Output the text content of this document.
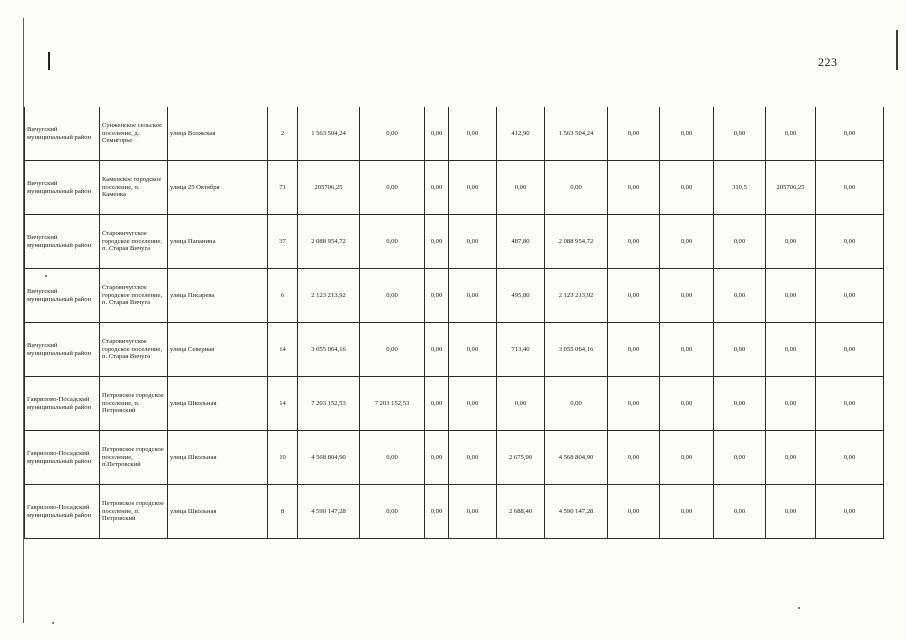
223
Вичугский муниципальный район	Сунженское сельское поселение, д. Семигорье	улица Волжская	2	1 563 504,24	0,00	0,00	0,00	412,90	1 563 504,24	0,00	0,00	0,00	0,00	0,00
Вичугский муниципальный район	Каменское городское поселение, п. Каменка	улица 25 Октября	71	205706,25	0,00	0,00	0,00	0,00	0,00	0,00	0,00	310,5	205706,25	0,00
Вичугский муниципальный район	Старовичугское городское поселение, п. Старая Вичуга	улица Папанина	37	2 088 954,72	0,00	0,00	0,00	487,80	2 088 954,72	0,00	0,00	0,00	0,00	0,00
Вичугский муниципальный район	Старовичугское городское поселение, п. Старая Вичуга	улица Писарева	6	2 123 213,92	0,00	0,00	0,00	495,80	2 123 213,92	0,00	0,00	0,00	0,00	0,00
Вичугский муниципальный район	Старовичугское городское поселение, п. Старая Вичуга	улица Северная	14	3 055 064,16	0,00	0,00	0,00	713,40	3 055 064,16	0,00	0,00	0,00	0,00	0,00
Гаврилово-Посадский муниципальный район	Петровское городское поселение, п. Петровский	улица Школьная	14	7 203 152,53	7 203 152,53	0,00	0,00	0,00	0,00	0,00	0,00	0,00	0,00	0,00
Гаврилово-Посадский муниципальный район	Петровское городское поселение, п.Петровский	улица Школьная	10	4 568 804,90	0,00	0,00	0,00	2 675,90	4 568 804,90	0,00	0,00	0,00	0,00	0,00
Гаврилово-Посадский муниципальный район	Петровское городское поселение, п. Петровский	улица Школьная	8	4 590 147,28	0,00	0,00	0,00	2 688,40	4 590 147,28	0,00	0,00	0,00	0,00	0,00
